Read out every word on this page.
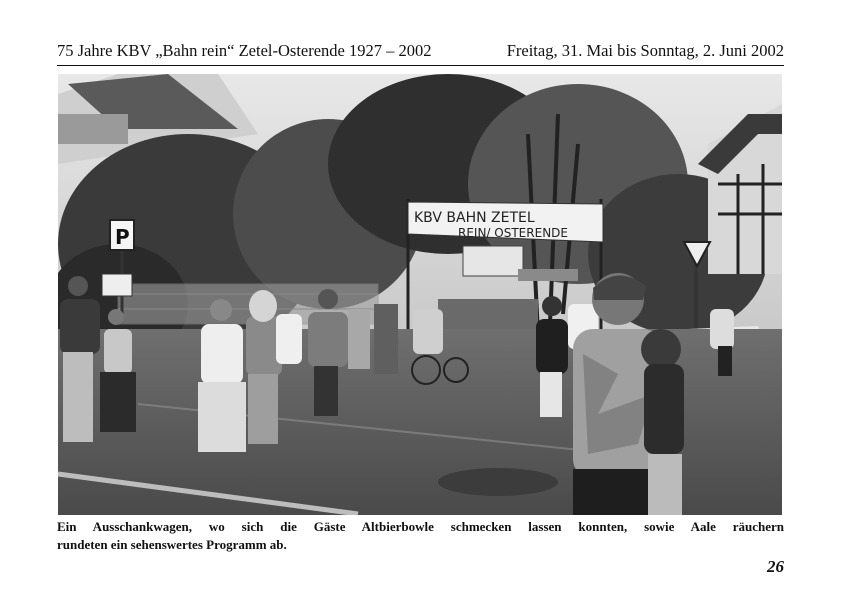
75 Jahre KBV „Bahn rein“ Zetel-Osterende 1927 – 2002	Freitag, 31. Mai bis Sonntag, 2. Juni 2002
KBV BAHN ZETEL
REIN/ OSTERENDE
P
Ein Ausschankwagen, wo sich die Gäste Altbierbowle schmecken lassen konnten, sowie Aale räuchern
rundeten ein sehenswertes Programm ab.
26
